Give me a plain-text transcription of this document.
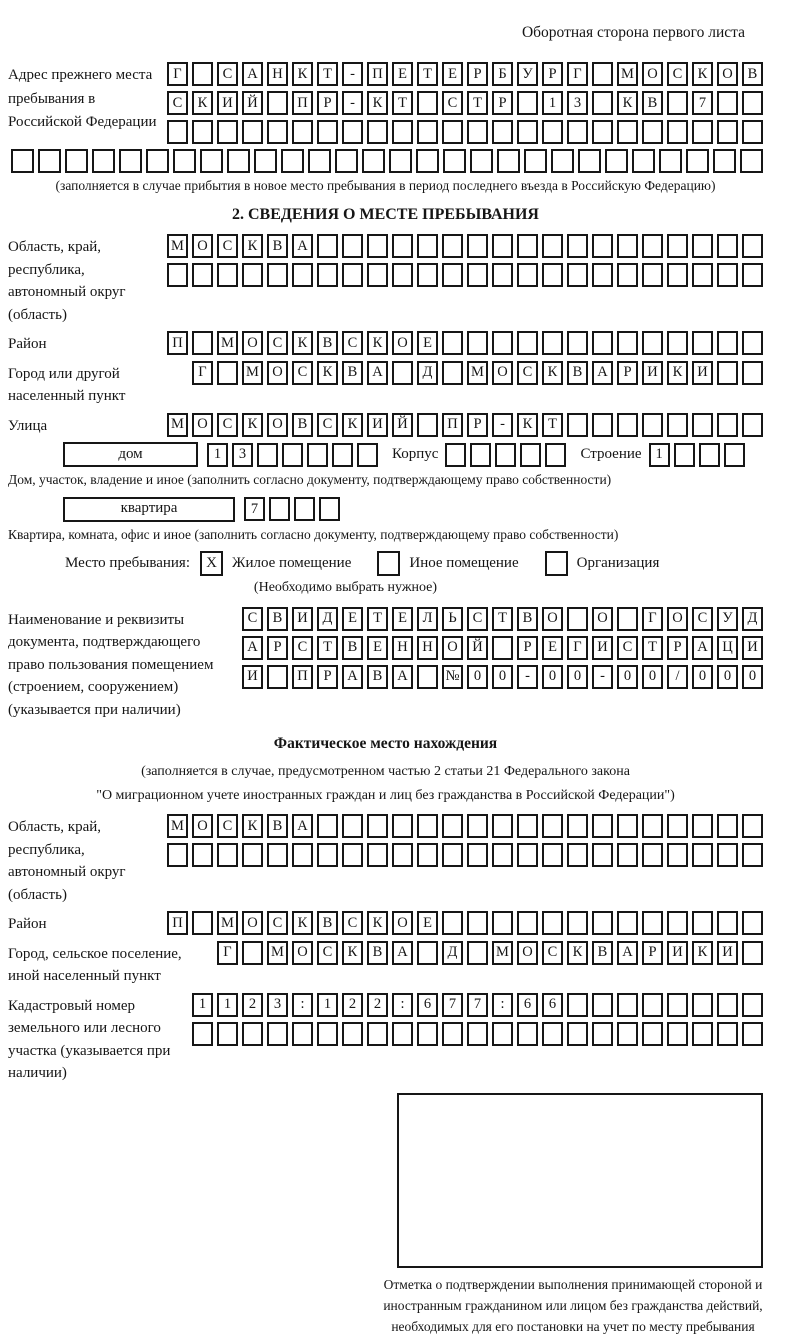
Оборотная сторона первого листа
Адрес прежнего места пребывания в Российской Федерации
Г	С	А	Н	К	Т	-	П	Е	Т	Е	Р	Б	У	Р	Г	М О	С	К	О	В
С	К	И	Й	П	Р	-	К	Т	С	Т	Р	1	3	К	В	7
(заполняется в случае прибытия в новое место пребывания в период последнего въезда в Российскую Федерацию)
2. СВЕДЕНИЯ О МЕСТЕ ПРЕБЫВАНИЯ
Область, край, республика, автономный округ (область)
М О	С	К	В	А
Район	П	М О	С	К	В	С	К	О	Е
Город или другой населенный пункт
Г	М О	С	К	В	А	Д	М О	С	К	В	А	Р	И	К	И
Улица	М О	С	К	О	В	С	К	И	Й	П	Р	-	К	Т
дом	1	3	Корпус	Строение 1
Дом, участок, владение и иное (заполнить согласно документу, подтверждающему право собственности)
квартира	7
Квартира, комната, офис и иное (заполнить согласно документу, подтверждающему право собственности)
Место пребывания:	X	Жилое помещение	Иное помещение	Организация
(Необходимо выбрать нужное)
Наименование и реквизиты документа, подтверждающего право пользования помещением (строением, сооружением) (указывается при наличии)
С	В	И	Д	Е	Т	Е	Л	Ь	С	Т	В	О	О	Г	О	С	У	Д
А	Р	С	Т	В	Е	Н	Н	О	Й	Р	Е	Г	И	С	Т	Р	А	Ц	И
И	П	Р	А	В	А	№ 0	0	-	0	0	-	0	0	/	0	0	0
Фактическое место нахождения
(заполняется в случае, предусмотренном частью 2 статьи 21 Федерального закона
"О миграционном учете иностранных граждан и лиц без гражданства в Российской Федерации")
Область, край, республика, автономный округ (область)
М О	С	К	В	А
Район	П	М О	С	К	В	С	К	О	Е
Город, сельское поселение, иной населенный пункт
Г	М О	С	К	В	А	Д	М О	С	К	В	А	Р	И	К	И
Кадастровый номер земельного или лесного участка (указывается при наличии)
1	1	2	3	:	1	2	2	:	6	7	7	:	6	6
Отметка о подтверждении выполнения принимающей стороной и иностранным гражданином или лицом без гражданства действий, необходимых для его постановки на учет по месту пребывания
